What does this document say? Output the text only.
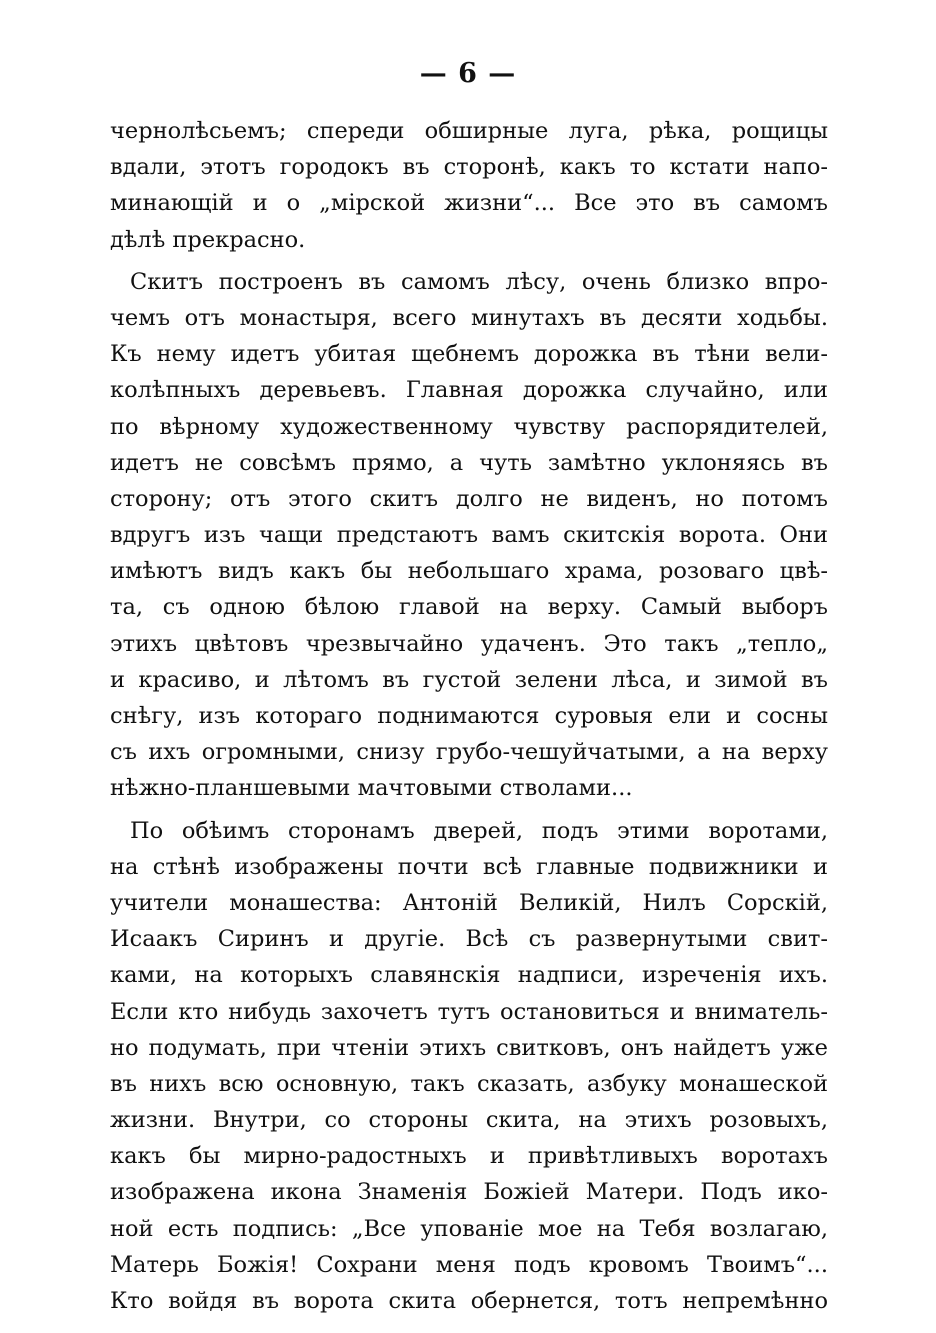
— 6 —
чернолѣсьемъ; спереди обширные луга, рѣка, рощицы
вдали, этотъ городокъ въ сторонѣ, какъ то кстати напо-
минающій и о „мірской жизни“... Все это въ самомъ
дѣлѣ прекрасно.
Скитъ построенъ въ самомъ лѣсу, очень близко впро-
чемъ отъ монастыря, всего минутахъ въ десяти ходьбы.
Къ нему идетъ убитая щебнемъ дорожка въ тѣни вели-
колѣпныхъ деревьевъ. Главная дорожка случайно, или
по вѣрному художественному чувству распорядителей,
идетъ не совсѣмъ прямо, а чуть замѣтно уклоняясь въ
сторону; отъ этого скитъ долго не виденъ, но потомъ
вдругъ изъ чащи предстаютъ вамъ скитскія ворота. Они
имѣютъ видъ какъ бы небольшаго храма, розоваго цвѣ-
та, съ одною бѣлою главой на верху. Самый выборъ
этихъ цвѣтовъ чрезвычайно удаченъ. Это такъ „тепло„
и красиво, и лѣтомъ въ густой зелени лѣса, и зимой въ
снѣгу, изъ котораго поднимаются суровыя ели и сосны
съ ихъ огромными, снизу грубо-чешуйчатыми, а на верху
нѣжно-планшевыми мачтовыми стволами...
По обѣимъ сторонамъ дверей, подъ этими воротами,
на стѣнѣ изображены почти всѣ главные подвижники и
учители монашества: Антоній Великій, Нилъ Сорскій,
Исаакъ Сиринъ и другіе. Всѣ съ развернутыми свит-
ками, на которыхъ славянскія надписи, изреченія ихъ.
Если кто нибудь захочетъ тутъ остановиться и вниматель-
но подумать, при чтеніи этихъ свитковъ, онъ найдетъ уже
въ нихъ всю основную, такъ сказать, азбуку монашеской
жизни. Внутри, со стороны скита, на этихъ розовыхъ,
какъ бы мирно-радостныхъ и привѣтливыхъ воротахъ
изображена икона Знаменія Божіей Матери. Подъ ико-
ной есть подпись: „Все упованіе мое на Тебя возлагаю,
Матерь Божія! Сохрани меня подъ кровомъ Твоимъ“...
Кто войдя въ ворота скита обернется, тотъ непремѣнно
